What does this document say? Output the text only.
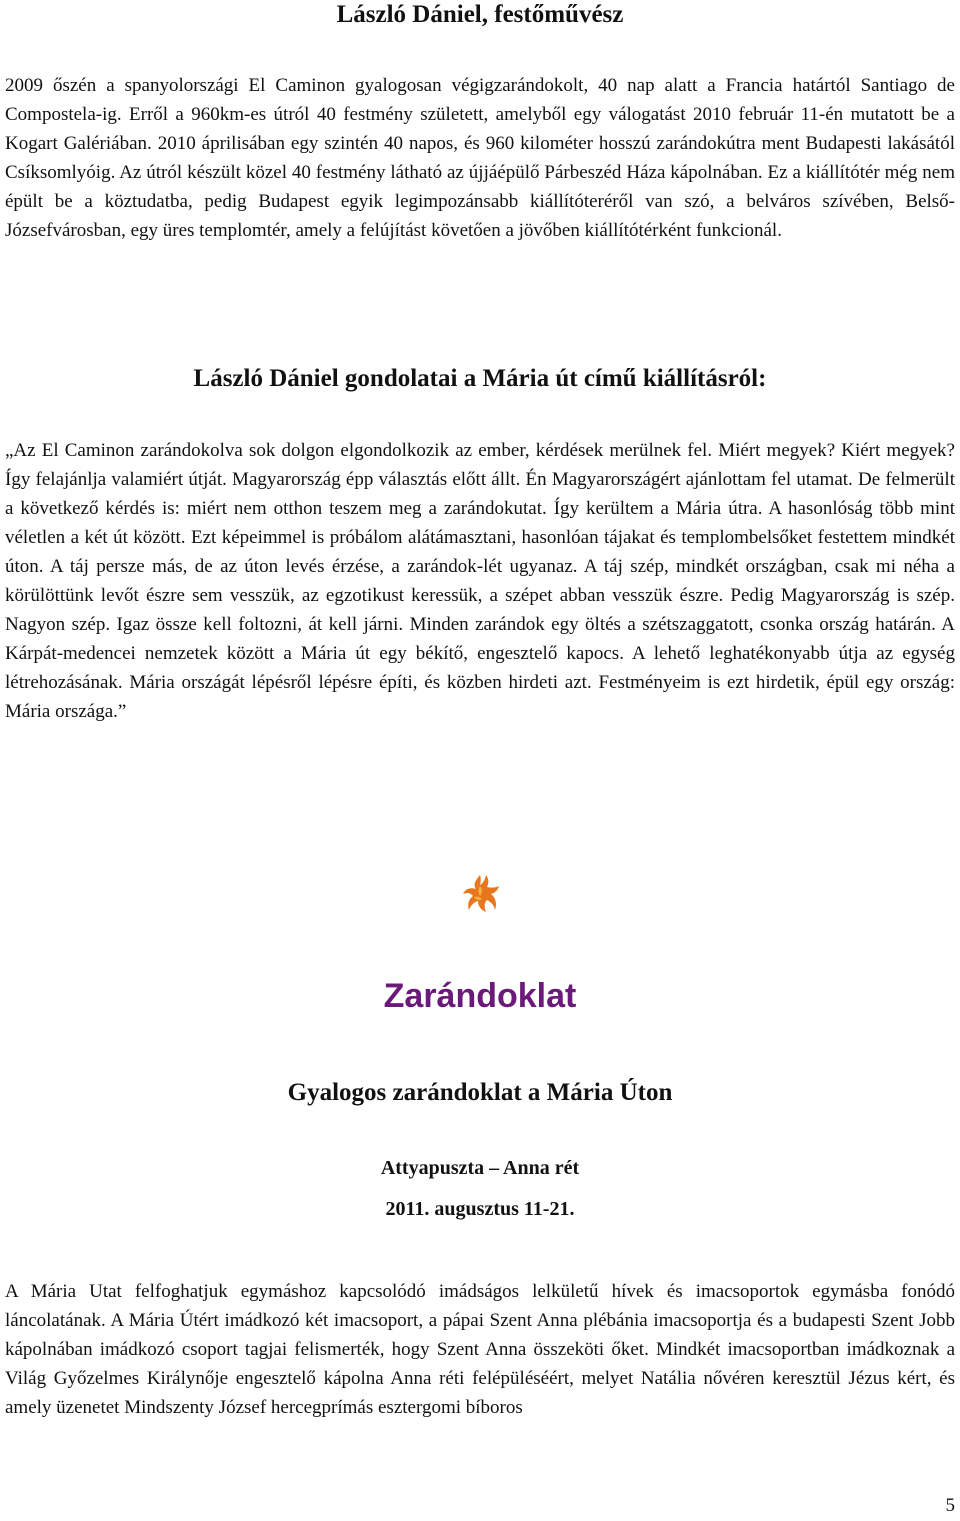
László Dániel, festőművész

2009 őszén a spanyolországi El Caminon gyalogosan végigzarándokolt, 40 nap alatt a Francia határtól Santiago de Compostela-ig. Erről a 960km-es útról 40 festmény született, amelyből egy válogatást 2010 február 11-én mutatott be a Kogart Galériában. 2010 áprilisában egy szintén 40 napos, és 960 kilométer hosszú zarándokútra ment Budapesti lakásától Csíksomlyóig. Az útról készült közel 40 festmény látható az újjáépülő Párbeszéd Háza kápolnában. Ez a kiállítótér még nem épült be a köztudatba, pedig Budapest egyik legimpozánsabb kiállítóteréről van szó, a belváros szívében, Belső-Józsefvárosban, egy üres templomtér, amely a felújítást követően a jövőben kiállítótérként funkcionál.

László Dániel gondolatai a Mária út című kiállításról:

„Az El Caminon zarándokolva sok dolgon elgondolkozik az ember, kérdések merülnek fel. Miért megyek? Kiért megyek? Így felajánlja valamiért útját. Magyarország épp választás előtt állt. Én Magyarországért ajánlottam fel utamat. De felmerült a következő kérdés is: miért nem otthon teszem meg a zarándokutat. Így kerültem a Mária útra. A hasonlóság több mint véletlen a két út között. Ezt képeimmel is próbálom alátámasztani, hasonlóan tájakat és templombelsőket festettem mindkét úton. A táj persze más, de az úton levés érzése, a zarándok-lét ugyanaz. A táj szép, mindkét országban, csak mi néha a körülöttünk levőt észre sem vesszük, az egzotikust keressük, a szépet abban vesszük észre. Pedig Magyarország is szép. Nagyon szép. Igaz össze kell foltozni, át kell járni. Minden zarándok egy öltés a szétszaggatott, csonka ország határán. A Kárpát-medencei nemzetek között a Mária út egy békítő, engesztelő kapocs. A lehető leghatékonyabb útja az egység létrehozásának. Mária országát lépésről lépésre építi, és közben hirdeti azt. Festményeim is ezt hirdetik, épül egy ország: Mária országa.”

Zarándoklat
Gyalogos zarándoklat a Mária Úton
Attyapuszta – Anna rét
2011. augusztus 11-21.

A Mária Utat felfoghatjuk egymáshoz kapcsolódó imádságos lelkületű hívek és imacsoportok egymásba fonódó láncolatának. A Mária Útért imádkozó két imacsoport, a pápai Szent Anna plébánia imacsoportja és a budapesti Szent Jobb kápolnában imádkozó csoport tagjai felismerték, hogy Szent Anna összeköti őket. Mindkét imacsoportban imádkoznak a Világ Győzelmes Királynője engesztelő kápolna Anna réti felépüléséért, melyet Natália nővéren keresztül Jézus kért, és amely üzenetet Mindszenty József hercegprímás esztergomi bíboros

5
